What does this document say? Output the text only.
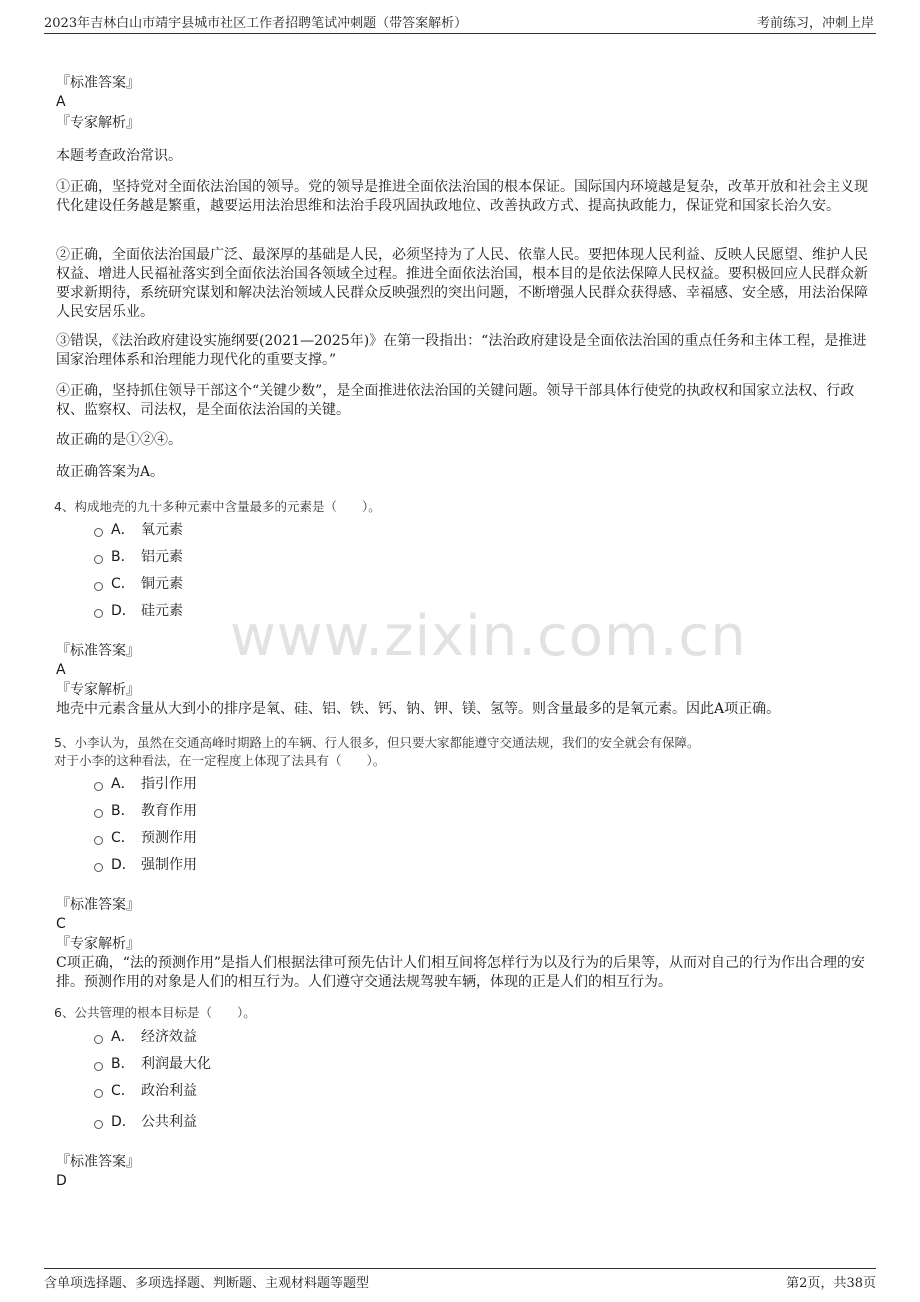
2023年吉林白山市靖宇县城市社区工作者招聘笔试冲刺题（带答案解析）	考前练习，冲刺上岸
www.zixin.com.cn
『标准答案』
A
『专家解析』
本题考查政治常识。
①正确，坚持党对全面依法治国的领导。党的领导是推进全面依法治国的根本保证。国际国内环境越是复杂，改革开放和社会主义现代化建设任务越是繁重，越要运用法治思维和法治手段巩固执政地位、改善执政方式、提高执政能力，保证党和国家长治久安。
②正确，全面依法治国最广泛、最深厚的基础是人民，必须坚持为了人民、依靠人民。要把体现人民利益、反映人民愿望、维护人民权益、增进人民福祉落实到全面依法治国各领域全过程。推进全面依法治国，根本目的是依法保障人民权益。要积极回应人民群众新要求新期待，系统研究谋划和解决法治领域人民群众反映强烈的突出问题，不断增强人民群众获得感、幸福感、安全感，用法治保障人民安居乐业。
③错误，《法治政府建设实施纲要(2021—2025年)》在第一段指出：“法治政府建设是全面依法治国的重点任务和主体工程，是推进国家治理体系和治理能力现代化的重要支撑。”
④正确，坚持抓住领导干部这个“关键少数”，是全面推进依法治国的关键问题。领导干部具体行使党的执政权和国家立法权、行政权、监察权、司法权，是全面依法治国的关键。
故正确的是①②④。
故正确答案为A。
4、构成地壳的九十多种元素中含量最多的元素是（　　）。
A． 氧元素
B． 铝元素
C． 铜元素
D． 硅元素
『标准答案』
A
『专家解析』
地壳中元素含量从大到小的排序是氧、硅、铝、铁、钙、钠、钾、镁、氢等。则含量最多的是氧元素。因此A项正确。
5、小李认为，虽然在交通高峰时期路上的车辆、行人很多，但只要大家都能遵守交通法规，我们的安全就会有保障。
对于小李的这种看法，在一定程度上体现了法具有（　　）。
A． 指引作用
B． 教育作用
C． 预测作用
D． 强制作用
『标准答案』
C
『专家解析』
C项正确，“法的预测作用”是指人们根据法律可预先估计人们相互间将怎样行为以及行为的后果等，从而对自己的行为作出合理的安排。预测作用的对象是人们的相互行为。人们遵守交通法规驾驶车辆，体现的正是人们的相互行为。
6、公共管理的根本目标是（　　）。
A． 经济效益
B． 利润最大化
C． 政治利益
D． 公共利益
『标准答案』
D
含单项选择题、多项选择题、判断题、主观材料题等题型	第2页，共38页
